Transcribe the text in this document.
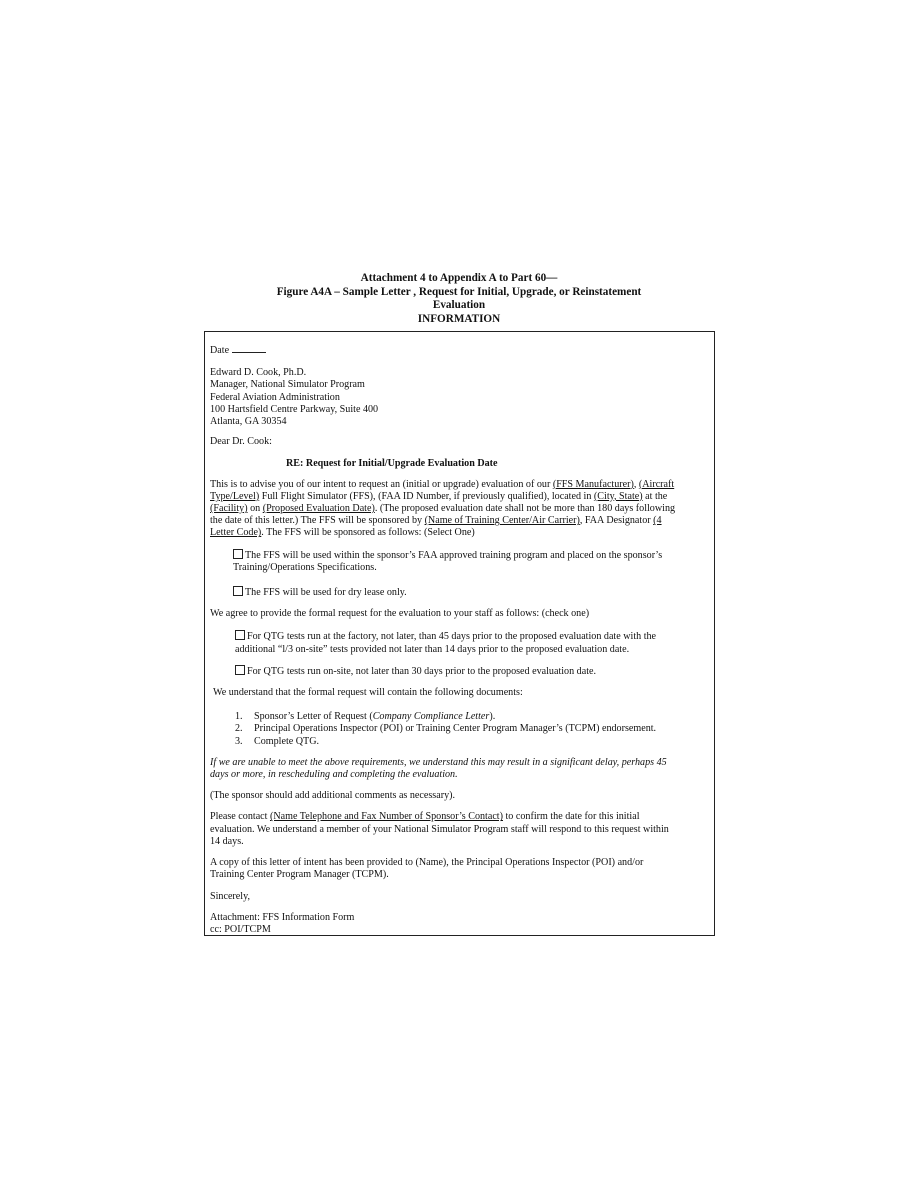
Attachment 4 to Appendix A to Part 60—
Figure A4A – Sample Letter , Request for Initial, Upgrade, or Reinstatement
Evaluation
INFORMATION
Date
Edward D. Cook, Ph.D.
Manager, National Simulator Program
Federal Aviation Administration
100 Hartsfield Centre Parkway, Suite 400
Atlanta, GA 30354
Dear Dr. Cook:
RE: Request for Initial/Upgrade Evaluation Date
This is to advise you of our intent to request an (initial or upgrade) evaluation of our (FFS Manufacturer), (Aircraft
Type/Level) Full Flight Simulator (FFS), (FAA ID Number, if previously qualified), located in (City, State) at the
(Facility) on (Proposed Evaluation Date). (The proposed evaluation date shall not be more than 180 days following
the date of this letter.) The FFS will be sponsored by (Name of Training Center/Air Carrier), FAA Designator (4
Letter Code). The FFS will be sponsored as follows: (Select One)
The FFS will be used within the sponsor’s FAA approved training program and placed on the sponsor’s
Training/Operations Specifications.
The FFS will be used for dry lease only.
We agree to provide the formal request for the evaluation to your staff as follows: (check one)
For QTG tests run at the factory, not later, than 45 days prior to the proposed evaluation date with the
additional “l/3 on-site” tests provided not later than 14 days prior to the proposed evaluation date.
For QTG tests run on-site, not later than 30 days prior to the proposed evaluation date.
We understand that the formal request will contain the following documents:
1. Sponsor’s Letter of Request (Company Compliance Letter).
2. Principal Operations Inspector (POI) or Training Center Program Manager’s (TCPM) endorsement.
3. Complete QTG.
If we are unable to meet the above requirements, we understand this may result in a significant delay, perhaps 45
days or more, in rescheduling and completing the evaluation.
(The sponsor should add additional comments as necessary).
Please contact (Name Telephone and Fax Number of Sponsor’s Contact) to confirm the date for this initial
evaluation. We understand a member of your National Simulator Program staff will respond to this request within
14 days.
A copy of this letter of intent has been provided to (Name), the Principal Operations Inspector (POI) and/or
Training Center Program Manager (TCPM).
Sincerely,
Attachment: FFS Information Form
cc: POI/TCPM
